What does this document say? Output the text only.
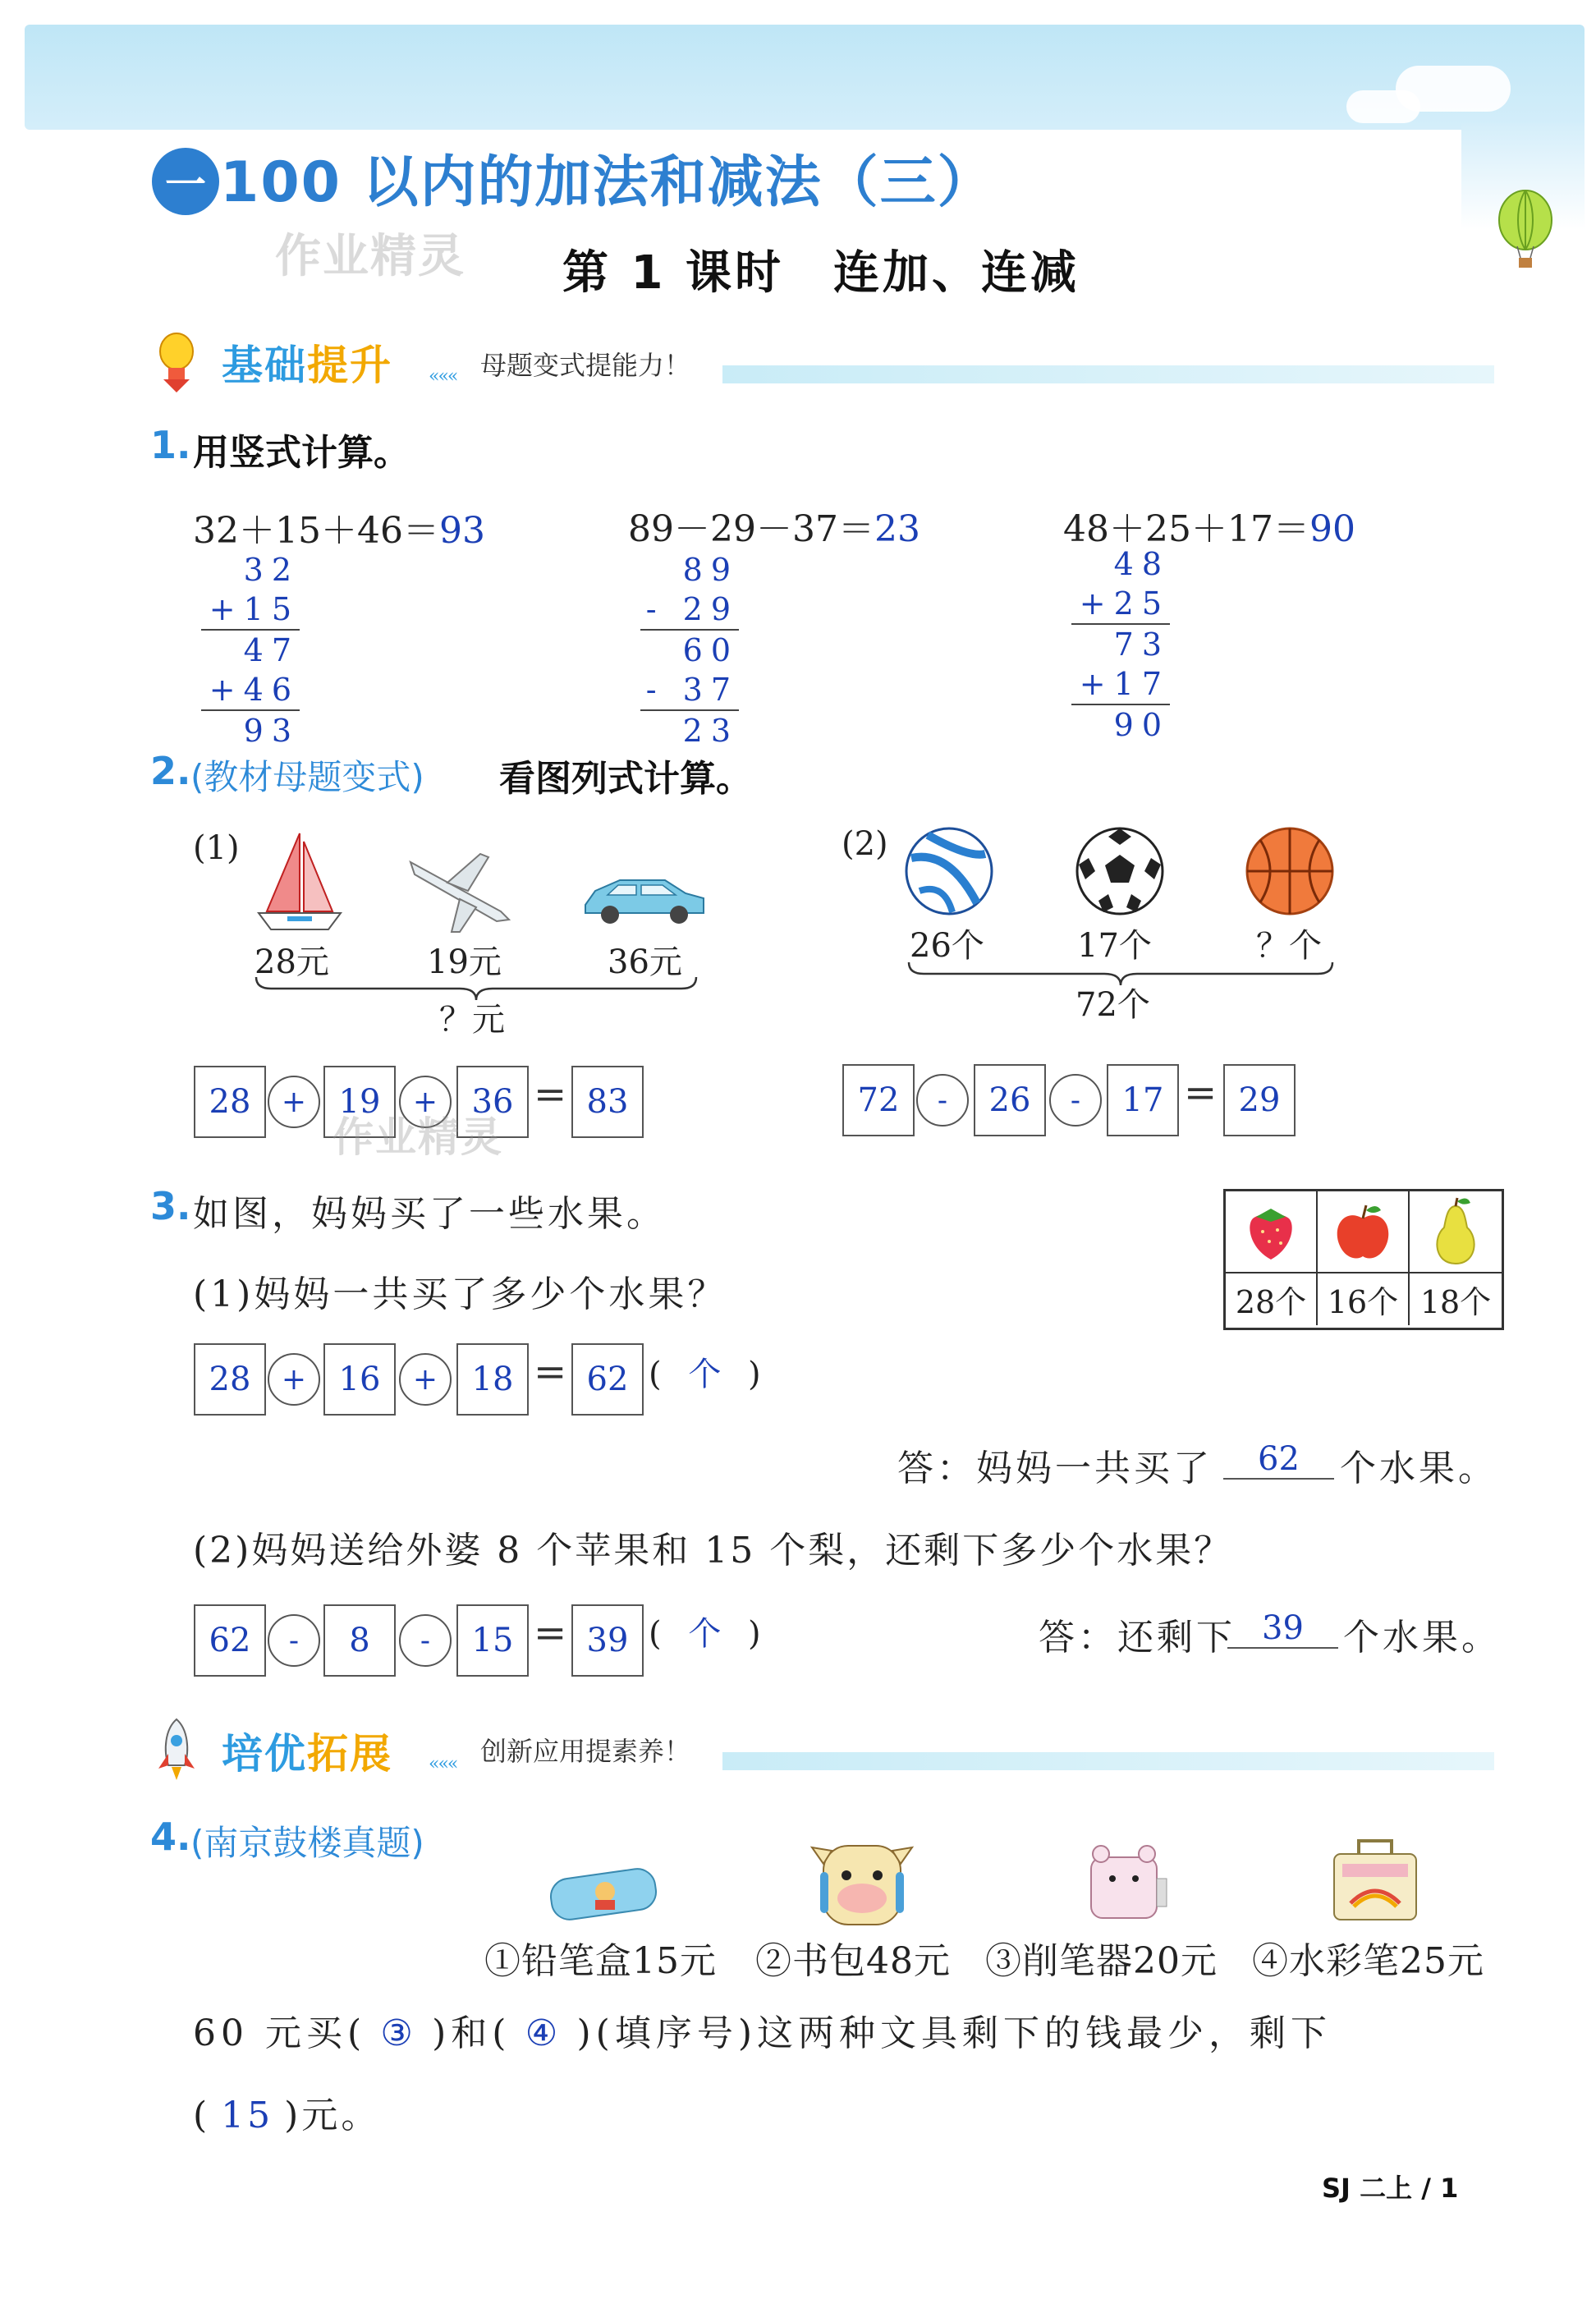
一 100 以内的加法和减法（三）
作业精灵 第 1 课时 连加、连减
基础提升 ««« 母题变式提能力！
1. 用竖式计算。
32＋15＋46＝93	89－29－37＝23	48＋25＋17＝90
32
+15
47
+46
93
89
- 29
60
- 37
23
48
+25
73
+17
90
2. (教材母题变式) 看图列式计算。
(1)
28元	19元	36元
？元
28	+ 19	+	36 = 83
作业精灵
(2)
26个	17个	？个
72个
72	-	26	-	17 = 29
3. 如图，妈妈买了一些水果。
28个 16个 18个
(1)妈妈一共买了多少个水果？
28	+ 16	+	18 = 62 ( 个 )
答：妈妈一共买了	62	个水果。
(2)妈妈送给外婆 8 个苹果和 15 个梨，还剩下多少个水果？
62	-	8	-	15 = 39 ( 个 )	答：还剩下 39	个水果。
培优拓展 ««« 创新应用提素养！
4. (南京鼓楼真题)
①铅笔盒15元 ②书包48元 ③削笔器20元 ④水彩笔25元
60 元买( ③ )和( ④ )(填序号)这两种文具剩下的钱最少，剩下
( 15 )元。
SJ 二上 / 1
